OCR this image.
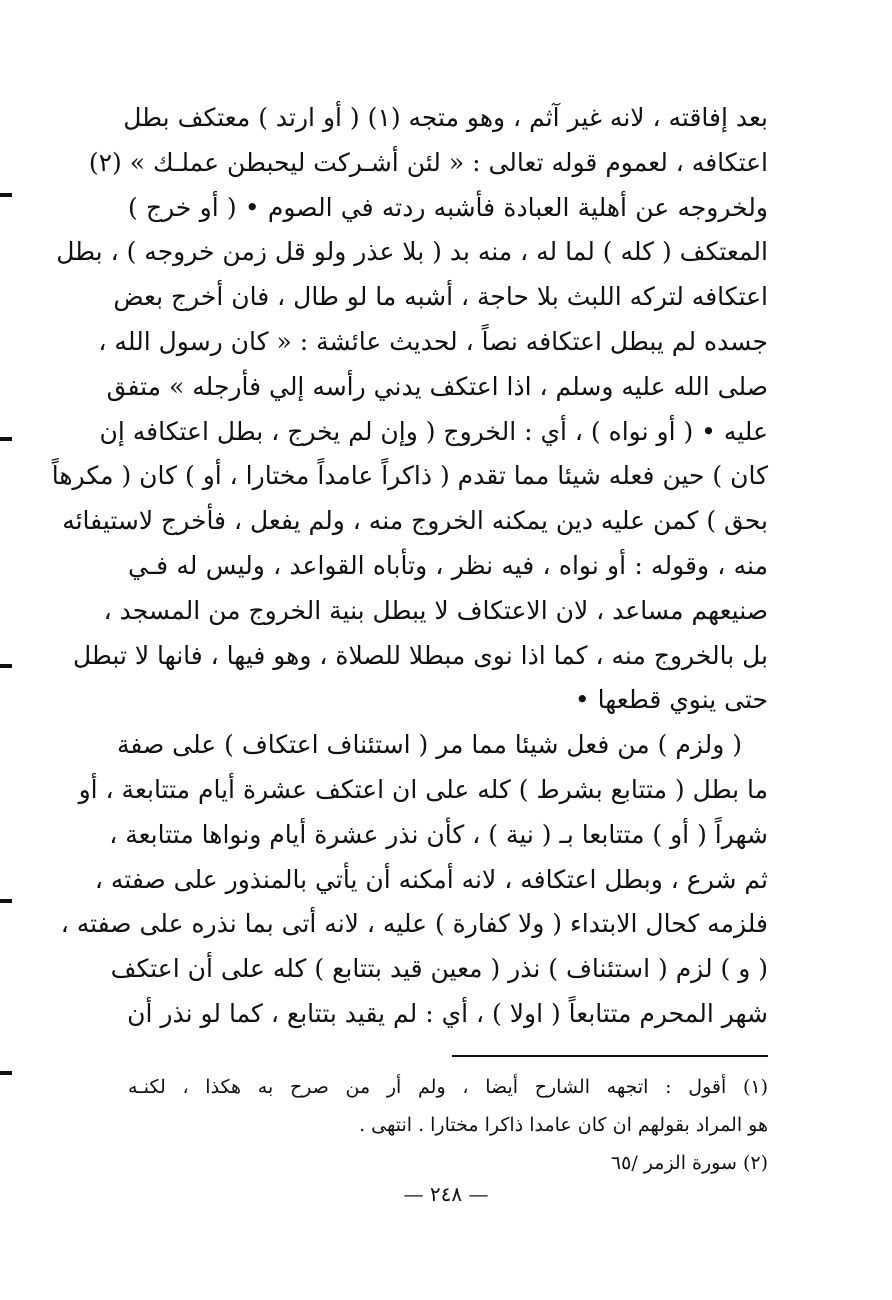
بعد إفاقته ، لانه غير آثم ، وهو متجه (١) ( أو ارتد ) معتكف بطل
اعتكافه ، لعموم قوله تعالى : « لئن أشـركت ليحبطن عملـك » (٢)
ولخروجه عن أهلية العبادة فأشبه ردته في الصوم • ( أو خرج )
المعتكف ( كله ) لما له ، منه بد ( بلا عذر ولو قل زمن خروجه ) ، بطل
اعتكافه لتركه اللبث بلا حاجة ، أشبه ما لو طال ، فان أخرج بعض
جسده لم يبطل اعتكافه نصاً ، لحديث عائشة : « كان رسول الله ،
صلى الله عليه وسلم ، اذا اعتكف يدني رأسه إلي فأرجله » متفق
عليه • ( أو نواه ) ، أي : الخروج ( وإن لم يخرج ، بطل اعتكافه إن
كان ) حين فعله شيئا مما تقدم ( ذاكراً عامداً مختارا ، أو ) كان ( مكرهاً
بحق ) كمن عليه دين يمكنه الخروج منه ، ولم يفعل ، فأخرج لاستيفائه
منه ، وقوله : أو نواه ، فيه نظر ، وتأباه القواعد ، وليس له فـي
صنيعهم مساعد ، لان الاعتكاف لا يبطل بنية الخروج من المسجد ،
بل بالخروج منه ، كما اذا نوى مبطلا للصلاة ، وهو فيها ، فانها لا تبطل
حتى ينوي قطعها •
( ولزم ) من فعل شيئا مما مر ( استئناف اعتكاف ) على صفة
ما بطل ( متتابع بشرط ) كله على ان اعتكف عشرة أيام متتابعة ، أو
شهراً ( أو ) متتابعا بـ ( نية ) ، كأن نذر عشرة أيام ونواها متتابعة ،
ثم شرع ، وبطل اعتكافه ، لانه أمكنه أن يأتي بالمنذور على صفته ،
فلزمه كحال الابتداء ( ولا كفارة ) عليه ، لانه أتى بما نذره على صفته ،
( و ) لزم ( استئناف ) نذر ( معين قيد بتتابع ) كله على أن اعتكف
شهر المحرم متتابعاً ( اولا ) ، أي : لم يقيد بتتابع ، كما لو نذر أن
(١) أقول : اتجهه الشارح أيضا ، ولم أر من صرح به هكذا ، لكنـه
هو المراد بقولهم ان كان عامدا ذاكرا مختارا . انتهى .
(٢) سورة الزمر /٦٥
— ٢٤٨ —
